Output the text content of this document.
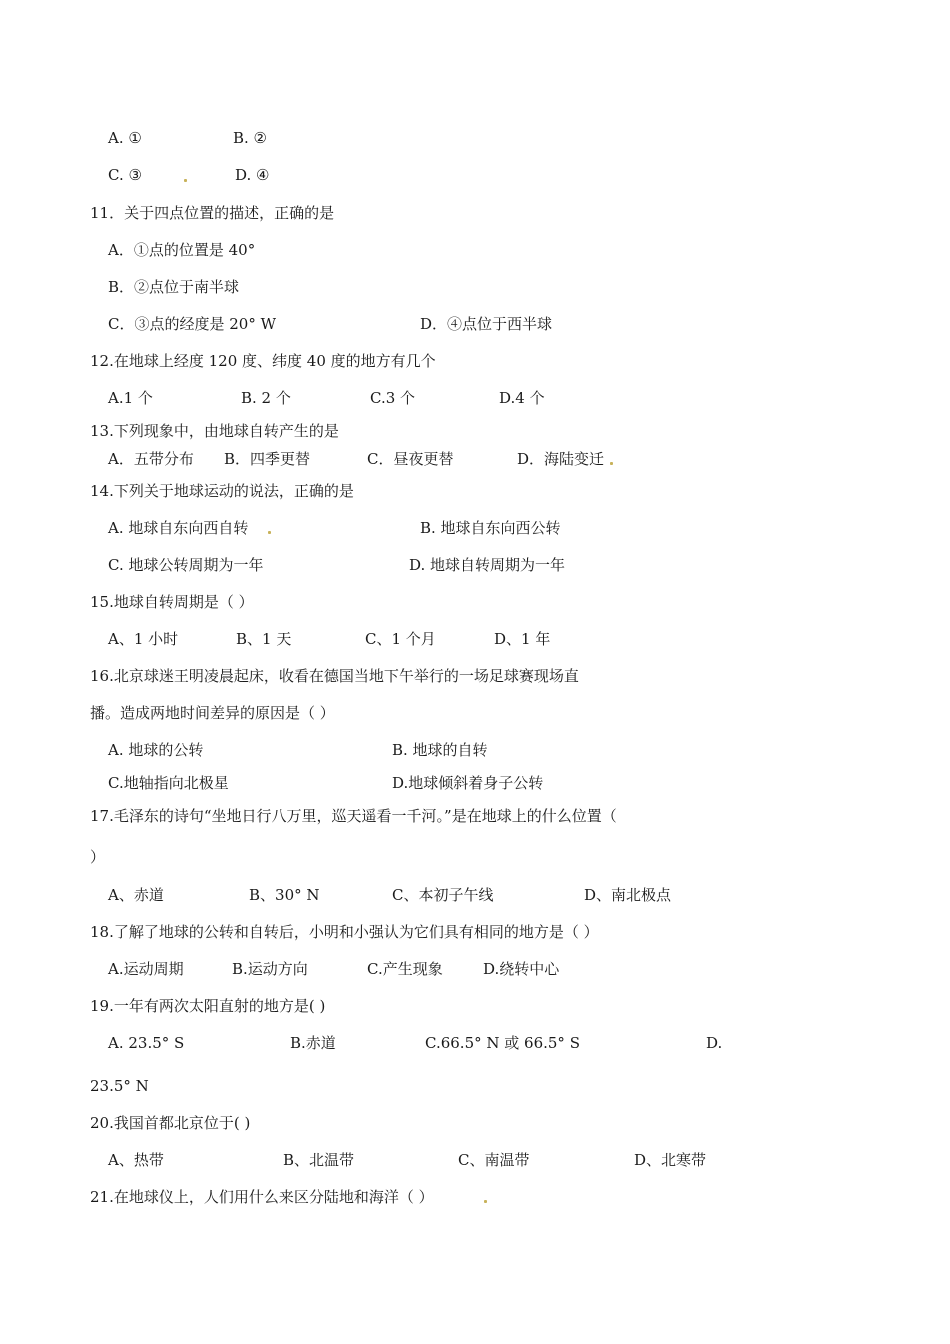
A. ①	B. ②
C. ③	D. ④
11．关于四点位置的描述，正确的是
A．①点的位置是 40°
B．②点位于南半球
C．③点的经度是 20° W	D．④点位于西半球
12.在地球上经度 120 度、纬度 40 度的地方有几个
A.1 个	B. 2 个	C.3 个	D.4 个
13.下列现象中，由地球自转产生的是
A．五带分布 B．四季更替	C．昼夜更替	D．海陆变迁
14.下列关于地球运动的说法，正确的是
A. 地球自东向西自转	B. 地球自东向西公转
C. 地球公转周期为一年	D. 地球自转周期为一年
15.地球自转周期是（ ）
A、1 小时	B、1 天	C、1 个月	D、1 年
16.北京球迷王明凌晨起床，收看在德国当地下午举行的一场足球赛现场直
播。造成两地时间差异的原因是（ ）
A. 地球的公转	B. 地球的自转
C.地轴指向北极星	D.地球倾斜着身子公转
17.毛泽东的诗句“坐地日行八万里，巡天遥看一千河。”是在地球上的什么位置（
）
A、赤道	B、30° N	C、本初子午线	D、南北极点
18.了解了地球的公转和自转后，小明和小强认为它们具有相同的地方是（ ）
A.运动周期	B.运动方向	C.产生现象	D.绕转中心
19.一年有两次太阳直射的地方是( )
A. 23.5° S	B.赤道	C.66.5° N 或 66.5° S	D.
23.5° N
20.我国首都北京位于( )
A、热带	B、北温带	C、南温带	D、北寒带
21.在地球仪上，人们用什么来区分陆地和海洋（ ）
